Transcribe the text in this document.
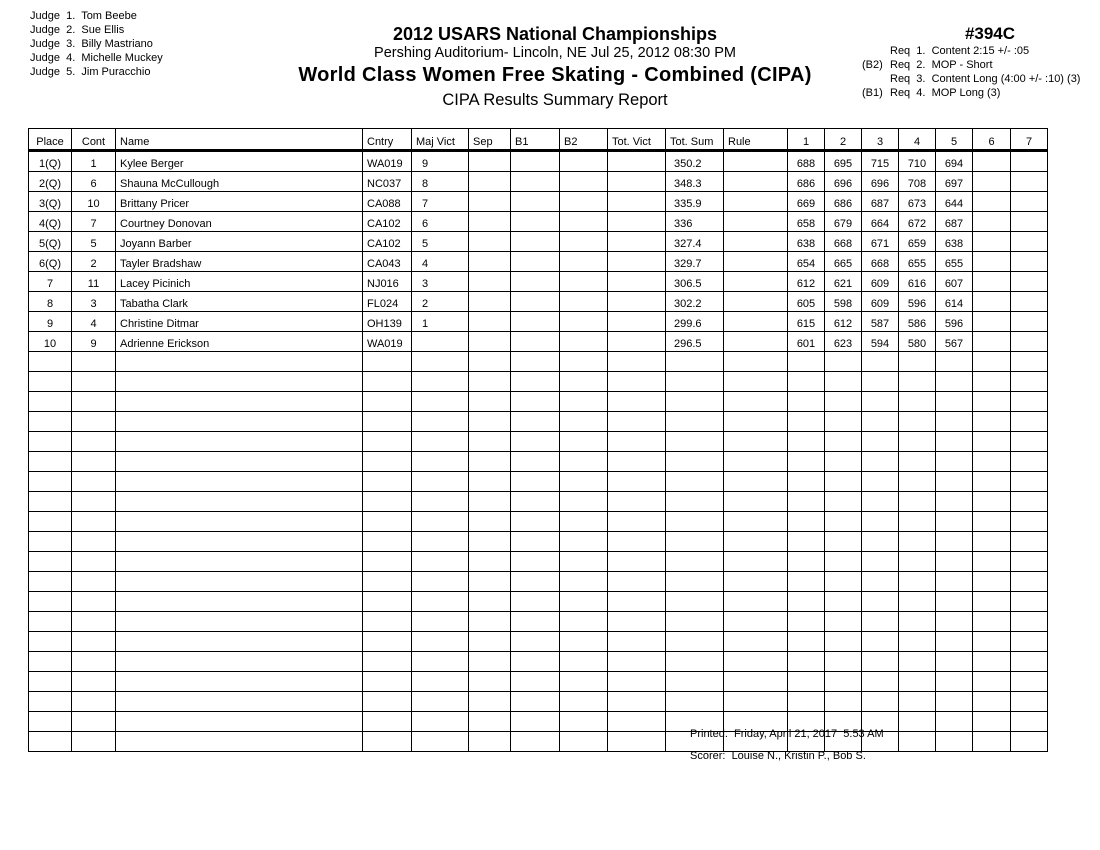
Judge  1. Tom Beebe
Judge  2. Sue Ellis
Judge  3. Billy Mastriano
Judge  4. Michelle Muckey
Judge  5. Jim Puracchio
2012 USARS National Championships
Pershing Auditorium- Lincoln, NE Jul 25, 2012 08:30 PM
World Class Women Free Skating - Combined (CIPA)
CIPA Results Summary Report
#394C
Req  1.  Content 2:15 +/- :05
(B2) Req  2.  MOP - Short
Req  3.  Content Long (4:00 +/- :10) (3)
(B1) Req  4.  MOP Long (3)
Place	Cont	Name	Cntry	Maj Vict	Sep	B1	B2	Tot. Vict	Tot. Sum	Rule	1	2	3	4	5	6	7
1(Q)	1	Kylee Berger	WA019	9					350.2		688	695	715	710	694		
2(Q)	6	Shauna McCullough	NC037	8					348.3		686	696	696	708	697		
3(Q)	10	Brittany Pricer	CA088	7					335.9		669	686	687	673	644		
4(Q)	7	Courtney Donovan	CA102	6					336		658	679	664	672	687		
5(Q)	5	Joyann Barber	CA102	5					327.4		638	668	671	659	638		
6(Q)	2	Tayler Bradshaw	CA043	4					329.7		654	665	668	655	655		
7	11	Lacey Picinich	NJ016	3					306.5		612	621	609	616	607		
8	3	Tabatha Clark	FL024	2					302.2		605	598	609	596	614		
9	4	Christine Ditmar	OH139	1					299.6		615	612	587	586	596		
10	9	Adrienne Erickson	WA019						296.5		601	623	594	580	567		

Printed:  Friday, April 21, 2017  5:53 AM
Scorer:  Louise N., Kristin P., Bob S.
